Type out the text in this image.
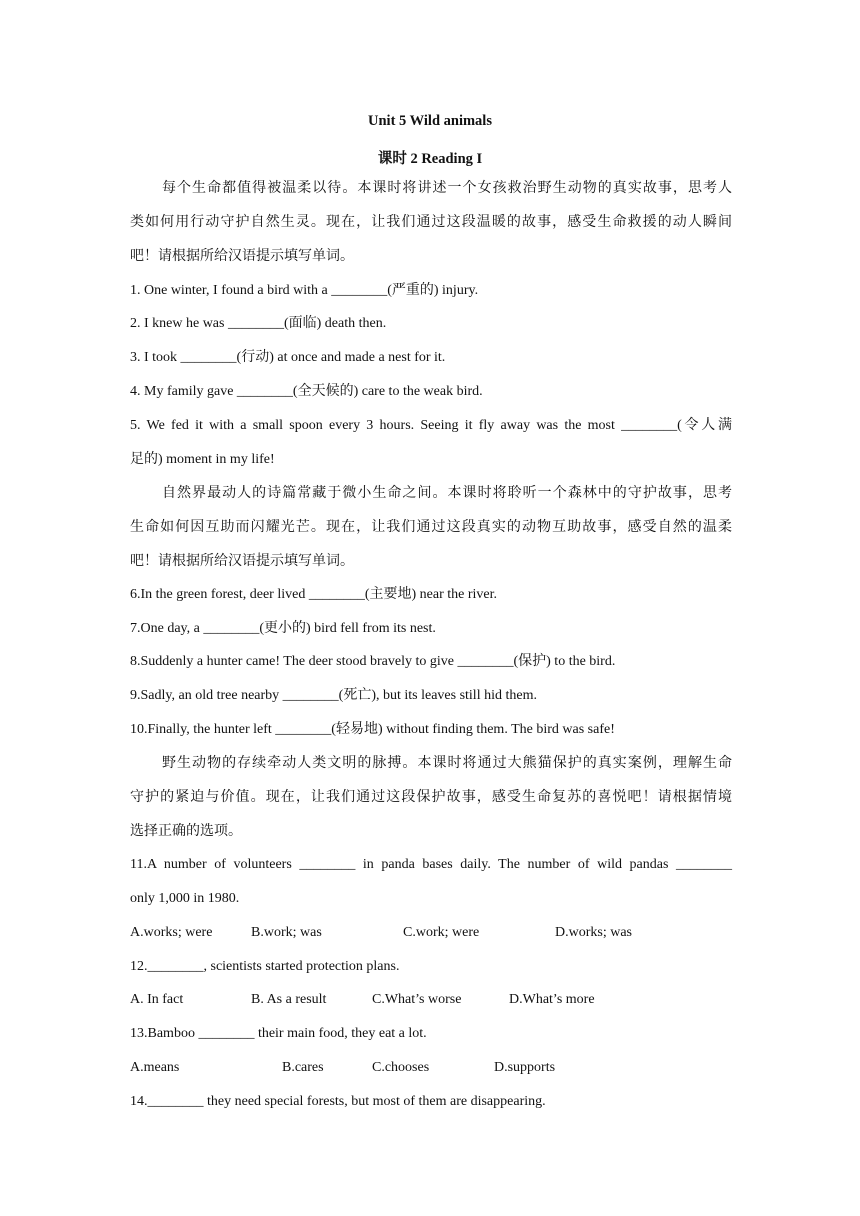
Unit 5 Wild animals
课时 2 Reading I
每个生命都值得被温柔以待。本课时将讲述一个女孩救治野生动物的真实故事，思考人
类如何用行动守护自然生灵。现在，让我们通过这段温暖的故事，感受生命救援的动人瞬间
吧！请根据所给汉语提示填写单词。
1. One winter, I found a bird with a ________(严重的) injury.
2. I knew he was ________(面临) death then.
3. I took ________(行动) at once and made a nest for it.
4. My family gave ________(全天候的) care to the weak bird.
5. We fed it with a small spoon every 3 hours. Seeing it fly away was the most ________(令人满
足的) moment in my life!
自然界最动人的诗篇常藏于微小生命之间。本课时将聆听一个森林中的守护故事，思考
生命如何因互助而闪耀光芒。现在，让我们通过这段真实的动物互助故事，感受自然的温柔
吧！请根据所给汉语提示填写单词。
6.In the green forest, deer lived ________(主要地) near the river.
7.One day, a ________(更小的) bird fell from its nest.
8.Suddenly a hunter came! The deer stood bravely to give ________(保护) to the bird.
9.Sadly, an old tree nearby ________(死亡), but its leaves still hid them.
10.Finally, the hunter left ________(轻易地) without finding them. The bird was safe!
野生动物的存续牵动人类文明的脉搏。本课时将通过大熊猫保护的真实案例，理解生命
守护的紧迫与价值。现在，让我们通过这段保护故事，感受生命复苏的喜悦吧！请根据情境
选择正确的选项。
11.A number of volunteers ________ in panda bases daily. The number of wild pandas ________
only 1,000 in 1980.
A.works; were	B.work; was	C.work; were	D.works; was
12.________, scientists started protection plans.
A. In fact	B. As a result	C.What’s worse	D.What’s more
13.Bamboo ________ their main food, they eat a lot.
A.means	B.cares	C.chooses	D.supports
14.________ they need special forests, but most of them are disappearing.
